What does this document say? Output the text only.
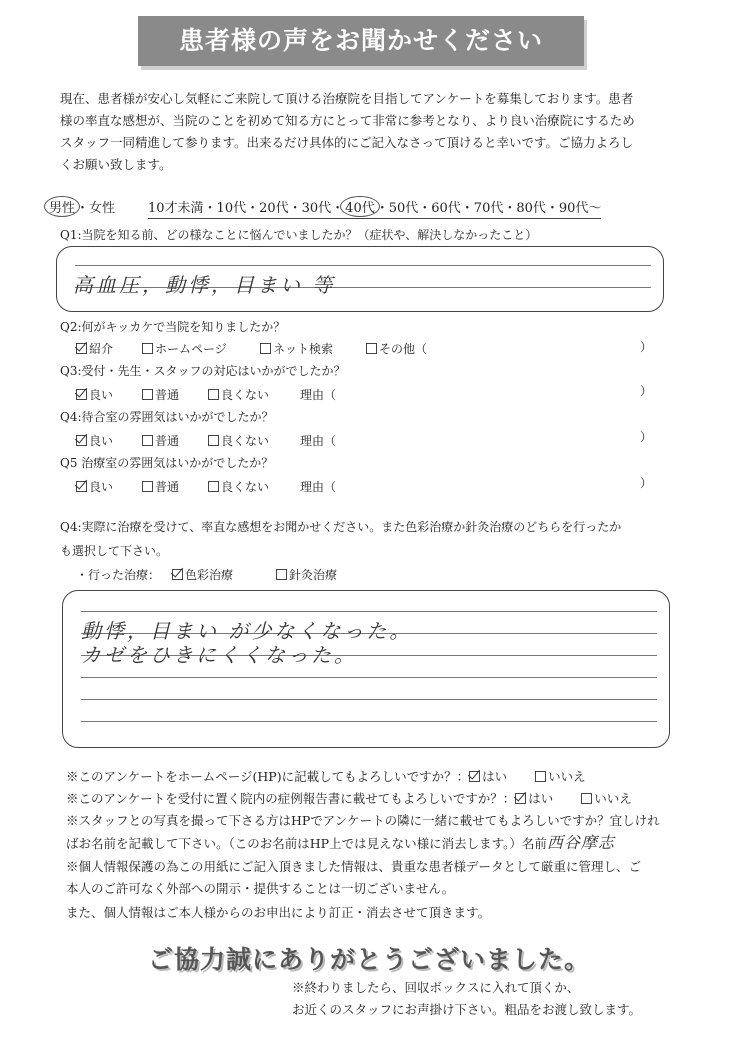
患者様の声をお聞かせください
現在、患者様が安心し気軽にご来院して頂ける治療院を目指してアンケートを募集しております。患者
様の率直な感想が、当院のことを初めて知る方にとって非常に参考となり、より良い治療院にするため
スタッフ一同精進して参ります。出来るだけ具体的にご記入なさって頂けると幸いです。ご協力よろし
くお願い致します。
男性・女性	10才未満・10代・20代・30代・40代・50代・60代・70代・80代・90代～
Q1:当院を知る前、どの様なことに悩んでいましたか？（症状や、解決しなかったこと）
高血圧，動悸，目まい 等
Q2:何がキッカケで当院を知りましたか？
紹介	ホームページ	ネット検索	その他（	）
Q3:受付・先生・スタッフの対応はいかがでしたか？
良い	普通	良くない	理由（	）
Q4:待合室の雰囲気はいかがでしたか？
良い	普通	良くない	理由（	）
Q5 治療室の雰囲気はいかがでしたか？
良い	普通	良くない	理由（	）
Q4:実際に治療を受けて、率直な感想をお聞かせください。また色彩治療か針灸治療のどちらを行ったか
も選択して下さい。
・行った治療：	色彩治療	針灸治療
動悸，目まい が少なくなった。
カゼをひきにくくなった。
※このアンケートをホームページ(HP)に記載してもよろしいですか？： はい	いいえ
※このアンケートを受付に置く院内の症例報告書に載せてもよろしいですか？： はい	いいえ
※スタッフとの写真を撮って下さる方はHPでアンケートの隣に一緒に載せてもよろしいですか？宜しけれ
ばお名前を記載して下さい。（このお名前はHP上では見えない様に消去します。）名前西谷摩志
※個人情報保護の為この用紙にご記入頂きました情報は、貴重な患者様データとして厳重に管理し、ご
本人のご許可なく外部への開示・提供することは一切ございません。
また、個人情報はご本人様からのお申出により訂正・消去させて頂きます。
ご協力誠にありがとうございました。
※終わりましたら、回収ボックスに入れて頂くか、
お近くのスタッフにお声掛け下さい。粗品をお渡し致します。
